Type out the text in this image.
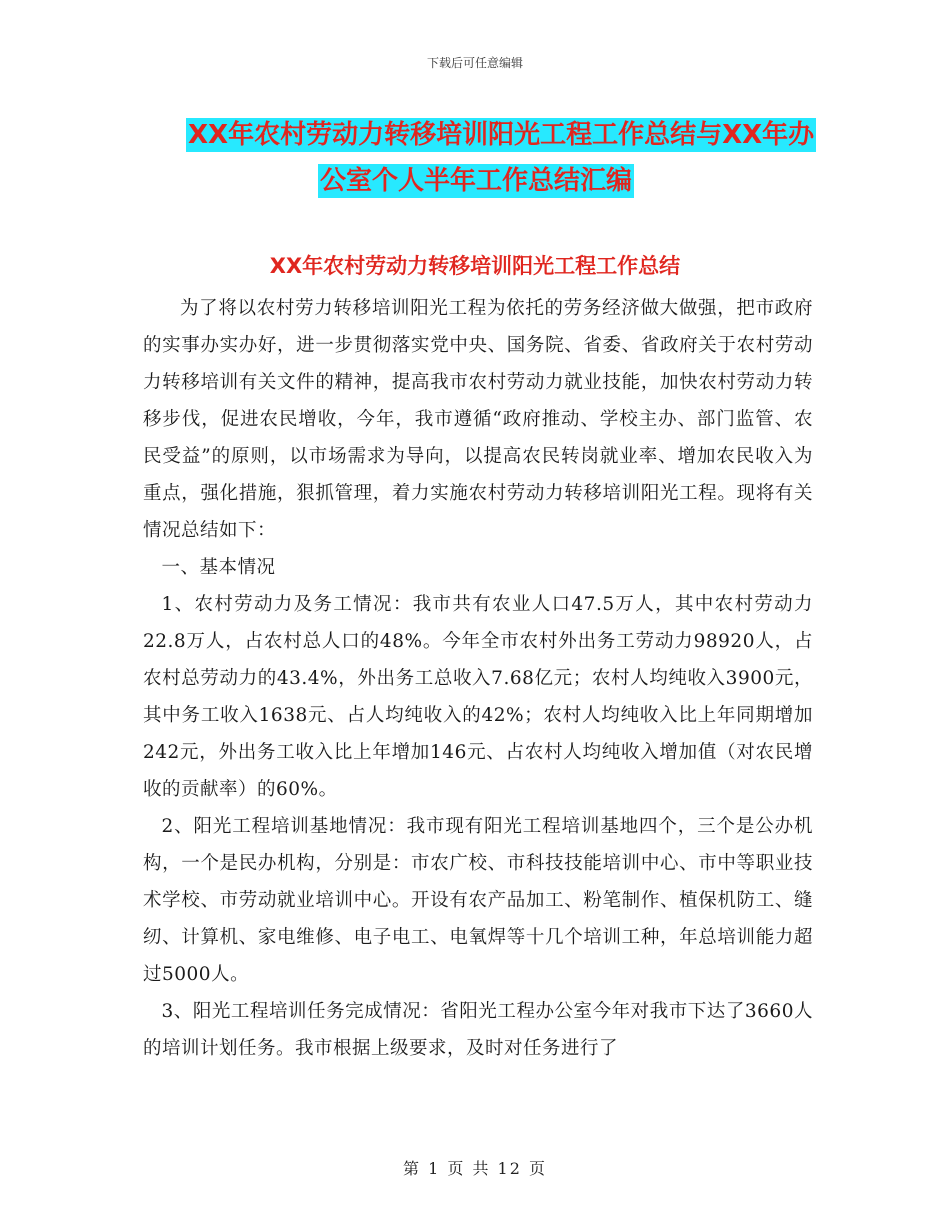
下载后可任意编辑
XX年农村劳动力转移培训阳光工程工作总结与XX年办
公室个人半年工作总结汇编
XX年农村劳动力转移培训阳光工程工作总结

为了将以农村劳力转移培训阳光工程为依托的劳务经济做大做强，把市政府的实事办实办好，进一步贯彻落实党中央、国务院、省委、省政府关于农村劳动力转移培训有关文件的精神，提高我市农村劳动力就业技能，加快农村劳动力转移步伐，促进农民增收，今年，我市遵循“政府推动、学校主办、部门监管、农民受益”的原则，以市场需求为导向，以提高农民转岗就业率、增加农民收入为重点，强化措施，狠抓管理，着力实施农村劳动力转移培训阳光工程。现将有关情况总结如下：

一、基本情况

1、农村劳动力及务工情况：我市共有农业人口47.5万人，其中农村劳动力22.8万人，占农村总人口的48%。今年全市农村外出务工劳动力98920人，占农村总劳动力的43.4%，外出务工总收入7.68亿元；农村人均纯收入3900元，其中务工收入1638元、占人均纯收入的42%；农村人均纯收入比上年同期增加242元，外出务工收入比上年增加146元、占农村人均纯收入增加值（对农民增收的贡献率）的60%。

2、阳光工程培训基地情况：我市现有阳光工程培训基地四个，三个是公办机构，一个是民办机构，分别是：市农广校、市科技技能培训中心、市中等职业技术学校、市劳动就业培训中心。开设有农产品加工、粉笔制作、植保机防工、缝纫、计算机、家电维修、电子电工、电氧焊等十几个培训工种，年总培训能力超过5000人。

3、阳光工程培训任务完成情况：省阳光工程办公室今年对我市下达了3660人的培训计划任务。我市根据上级要求，及时对任务进行了

第 1 页 共 12 页
